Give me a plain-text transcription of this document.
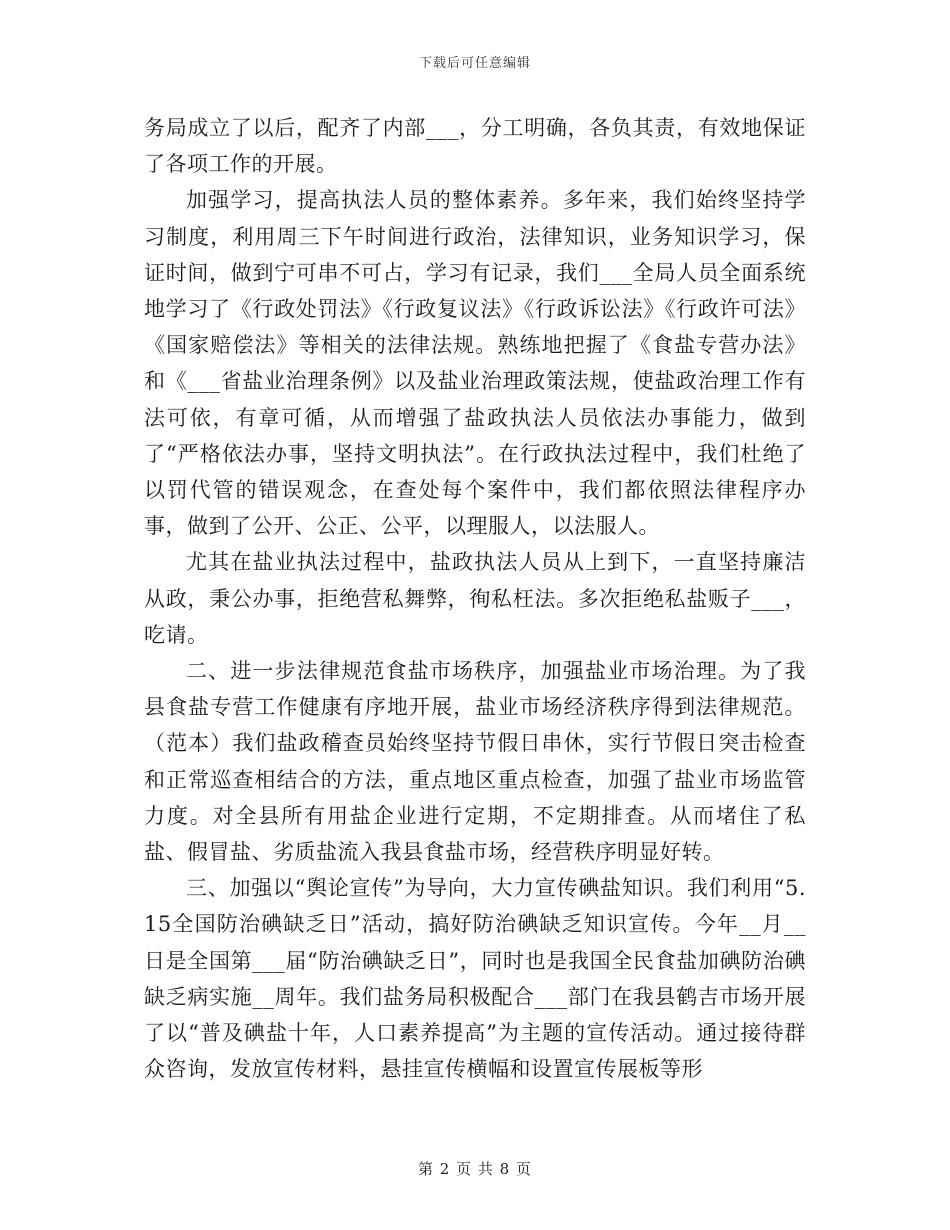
下载后可任意编辑

务局成立了以后，配齐了内部___，分工明确，各负其责，有效地保证了各项工作的开展。

加强学习，提高执法人员的整体素养。多年来，我们始终坚持学习制度，利用周三下午时间进行政治，法律知识，业务知识学习，保证时间，做到宁可串不可占，学习有记录，我们___全局人员全面系统地学习了《行政处罚法》《行政复议法》《行政诉讼法》《行政许可法》《国家赔偿法》等相关的法律法规。熟练地把握了《食盐专营办法》和《___省盐业治理条例》以及盐业治理政策法规，使盐政治理工作有法可依，有章可循，从而增强了盐政执法人员依法办事能力，做到了“严格依法办事，坚持文明执法”。在行政执法过程中，我们杜绝了以罚代管的错误观念，在查处每个案件中，我们都依照法律程序办事，做到了公开、公正、公平，以理服人，以法服人。

尤其在盐业执法过程中，盐政执法人员从上到下，一直坚持廉洁从政，秉公办事，拒绝营私舞弊，徇私枉法。多次拒绝私盐贩子___，吃请。

二、进一步法律规范食盐市场秩序，加强盐业市场治理。为了我县食盐专营工作健康有序地开展，盐业市场经济秩序得到法律规范。（范本）我们盐政稽查员始终坚持节假日串休，实行节假日突击检查和正常巡查相结合的方法，重点地区重点检查，加强了盐业市场监管力度。对全县所有用盐企业进行定期，不定期排查。从而堵住了私盐、假冒盐、劣质盐流入我县食盐市场，经营秩序明显好转。

三、加强以“舆论宣传”为导向，大力宣传碘盐知识。我们利用“5.15全国防治碘缺乏日”活动，搞好防治碘缺乏知识宣传。今年__月__日是全国第___届“防治碘缺乏日”，同时也是我国全民食盐加碘防治碘缺乏病实施__周年。我们盐务局积极配合___部门在我县鹤吉市场开展了以“普及碘盐十年，人口素养提高”为主题的宣传活动。通过接待群众咨询，发放宣传材料，悬挂宣传横幅和设置宣传展板等形

第 2 页 共 8 页
